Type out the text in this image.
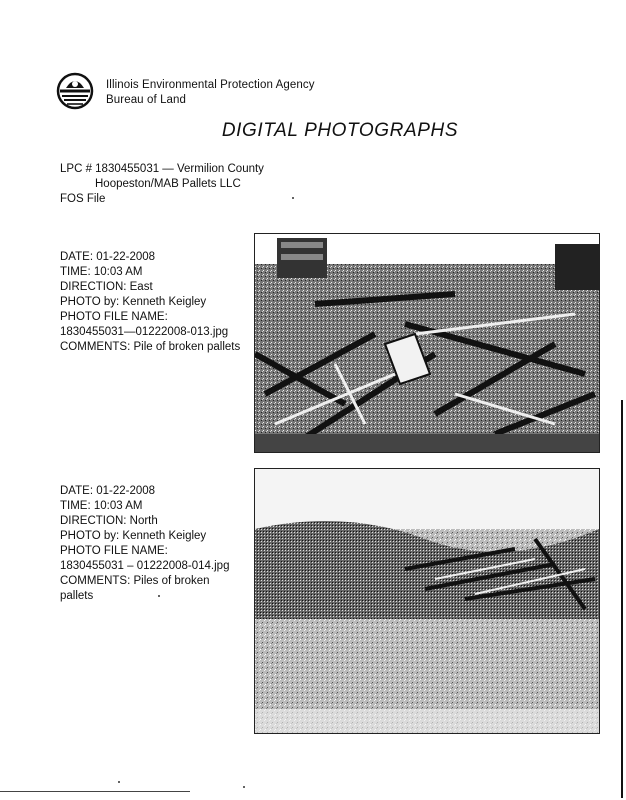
Illinois Environmental Protection Agency
Bureau of Land
DIGITAL PHOTOGRAPHS
LPC # 1830455031 — Vermilion County
Hoopeston/MAB Pallets LLC
FOS File
DATE: 01-22-2008
TIME: 10:03 AM
DIRECTION: East
PHOTO by: Kenneth Keigley
PHOTO FILE NAME:
1830455031—01222008-013.jpg
COMMENTS: Pile of broken pallets
DATE: 01-22-2008
TIME: 10:03 AM
DIRECTION: North
PHOTO by: Kenneth Keigley
PHOTO FILE NAME:
1830455031 – 01222008-014.jpg
COMMENTS: Piles of broken pallets
